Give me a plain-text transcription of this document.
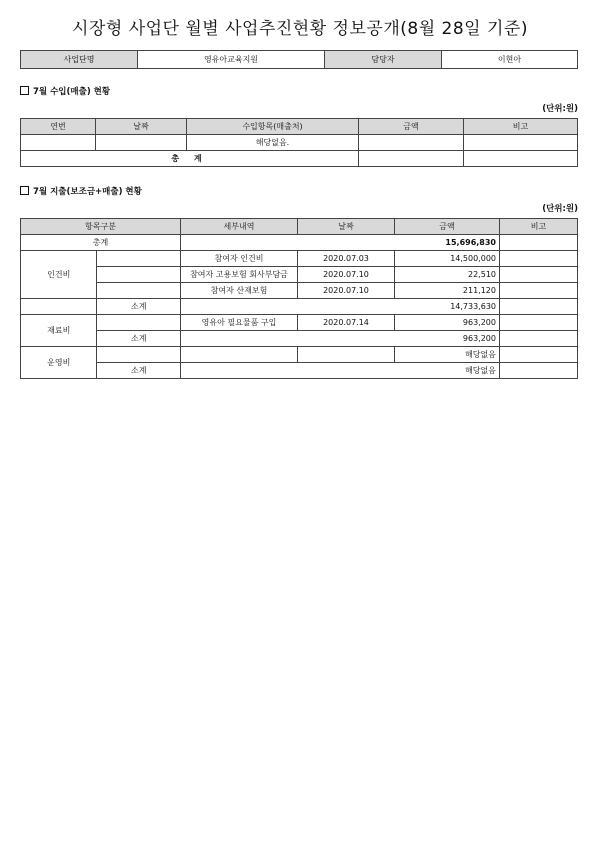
시장형 사업단 월별 사업추진현황 정보공개(8월 28일 기준)
사업단명	영유아교육지원	담당자	이현아
7월 수입(매출) 현황
(단위:원)
연번	날짜	수입항목(매출처)	금액	비고
		해당없음.		
총 계				
7월 지출(보조금+매출) 현황
(단위:원)
항목구분		세부내역	날짜	금액	비고
총계		15,696,830			
인건비		참여자 인건비	2020.07.03	14,500,000	
		참여자 고용보험 회사부담금	2020.07.10	22,510	
		참여자 산재보험	2020.07.10	211,120	
	소계	14,733,630			
재료비		영유아 필요물품 구입	2020.07.14	963,200	
	소계	963,200			
운영비				해당없음	
	소계	해당없음			
